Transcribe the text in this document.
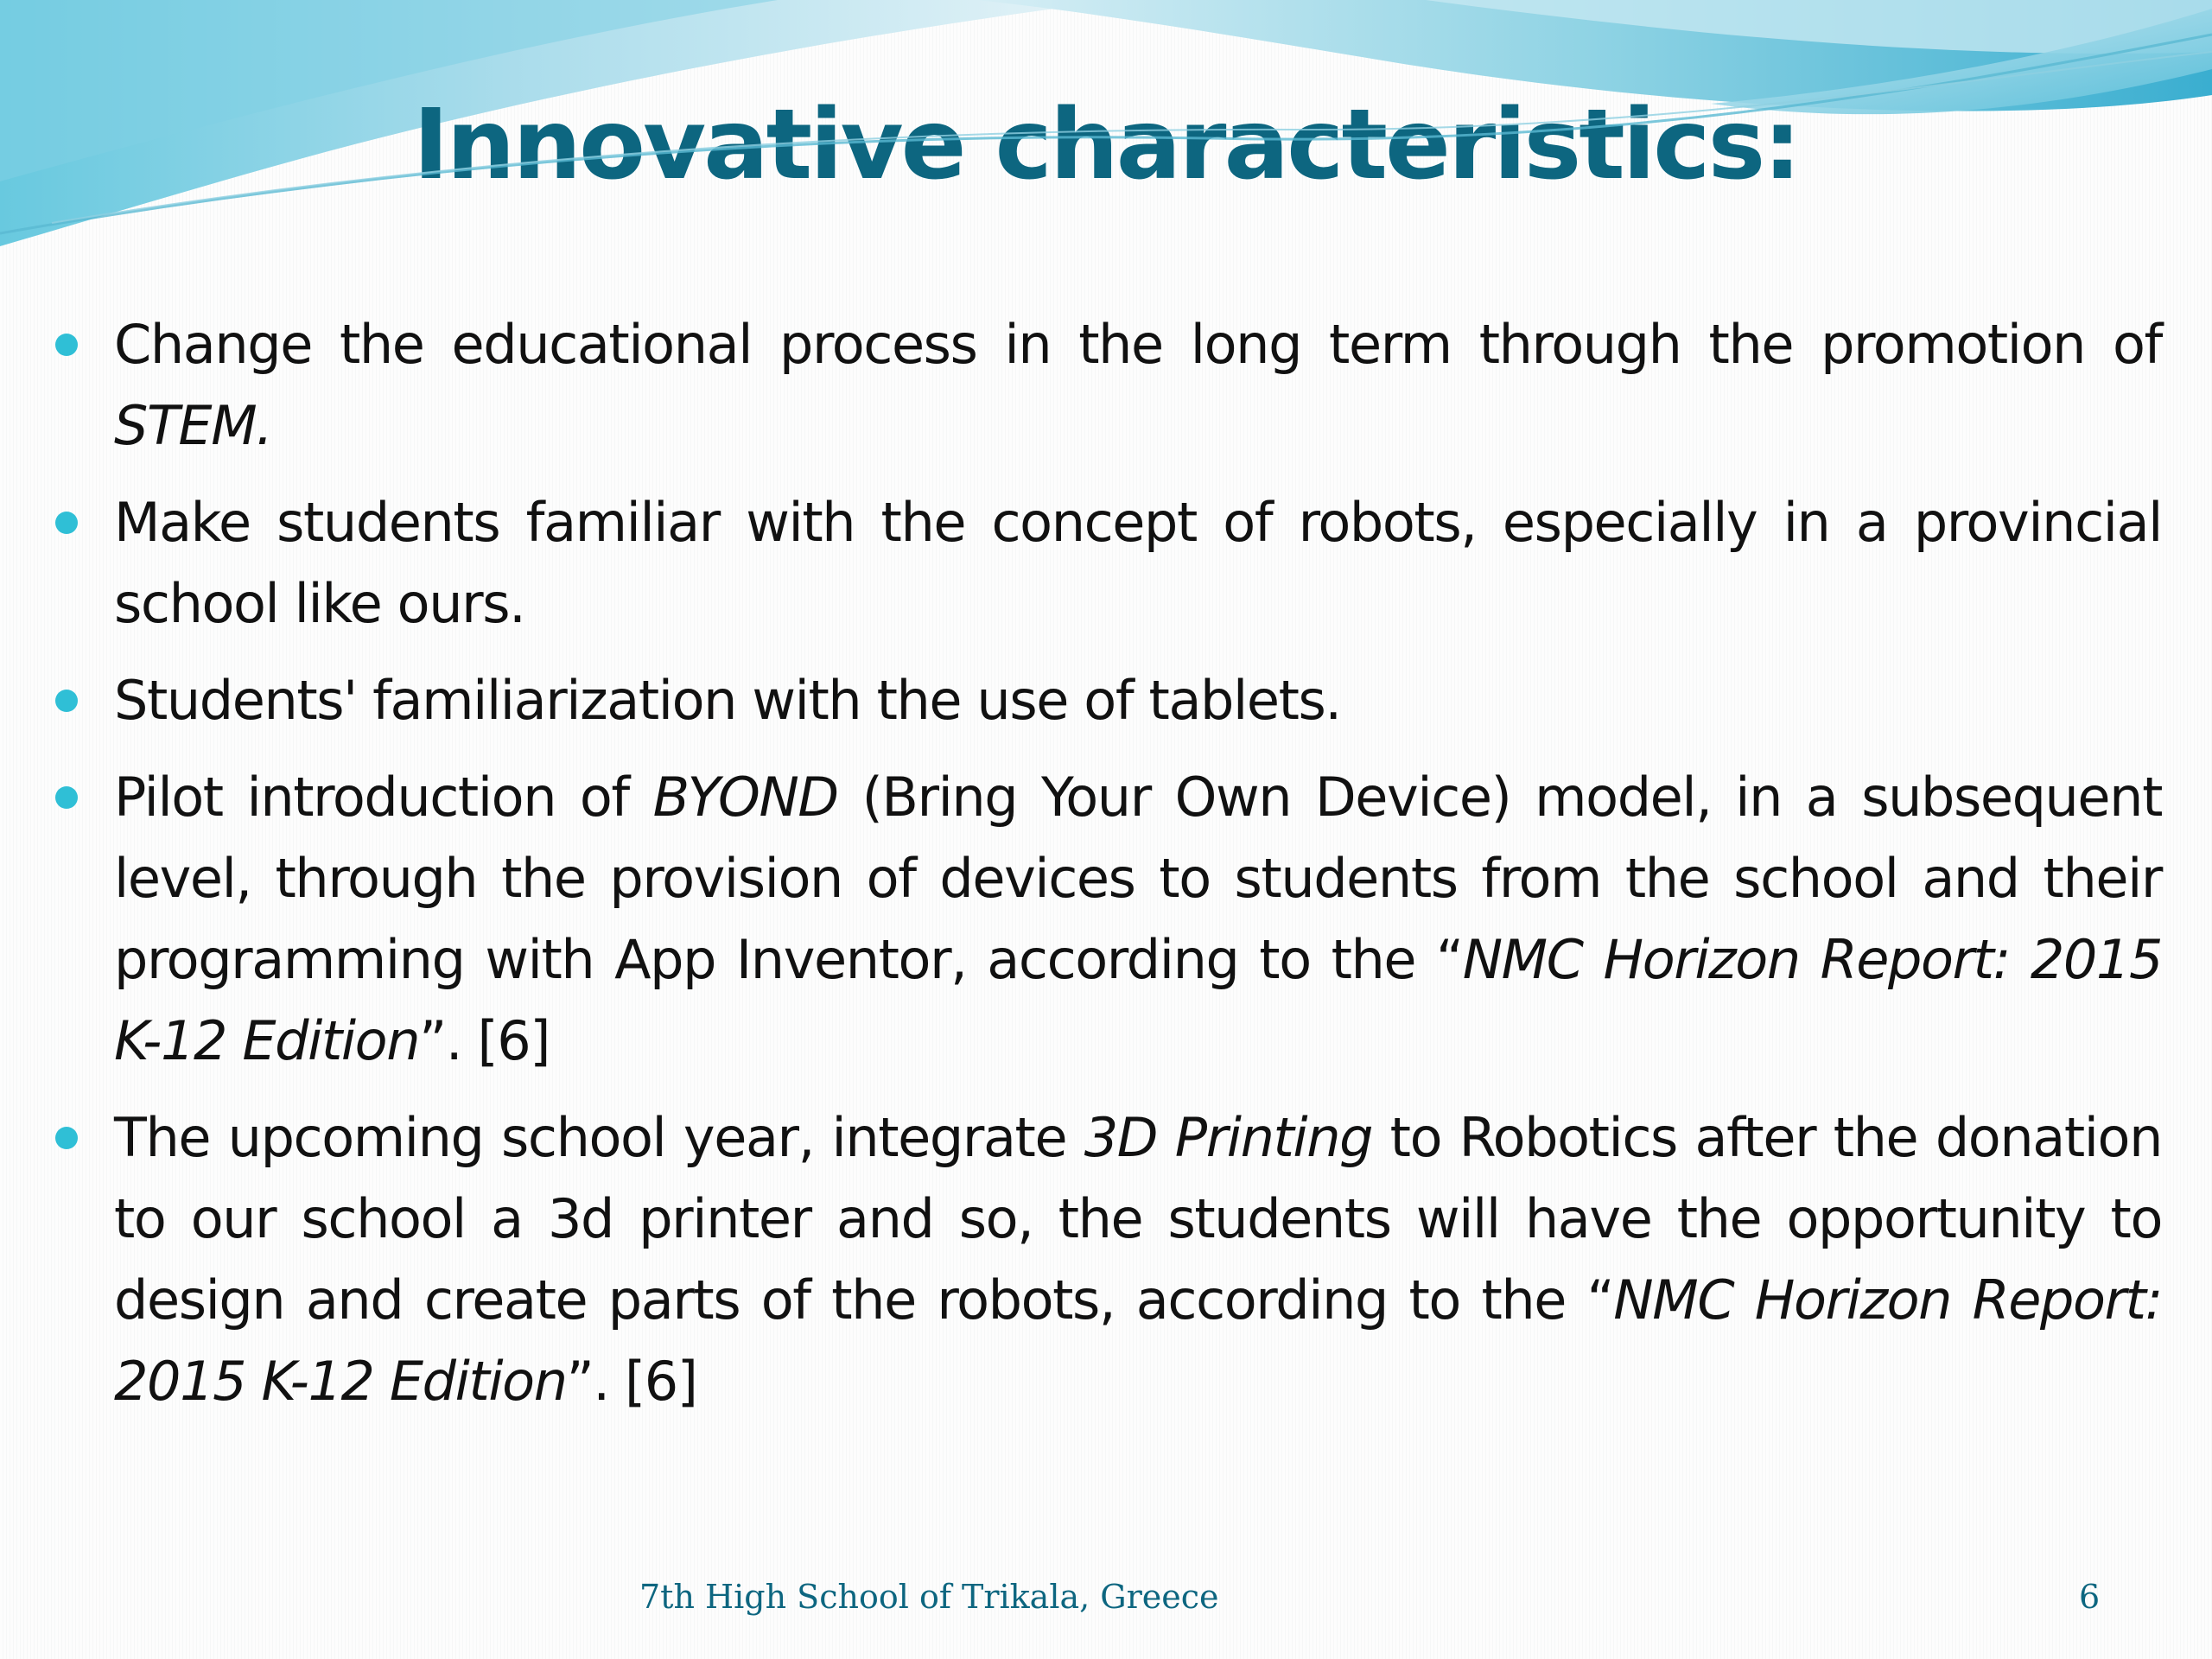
Innovative characteristics:
Change the educational process in the long term through the promotion of STEM.
Make students familiar with the concept of robots, especially in a provincial school like ours.
Students' familiarization with the use of tablets.
Pilot introduction of BYOND (Bring Your Own Device) model, in a subsequent level, through the provision of devices to students from the school and their programming with App Inventor, according to the “NMC Horizon Report: 2015 K-12 Edition”. [6]
The upcoming school year, integrate 3D Printing to Robotics after the donation to our school a 3d printer and so, the students will have the opportunity to design and create parts of the robots, according to the “NMC Horizon Report: 2015 K-12 Edition”. [6]
7th High School of Trikala, Greece	6
